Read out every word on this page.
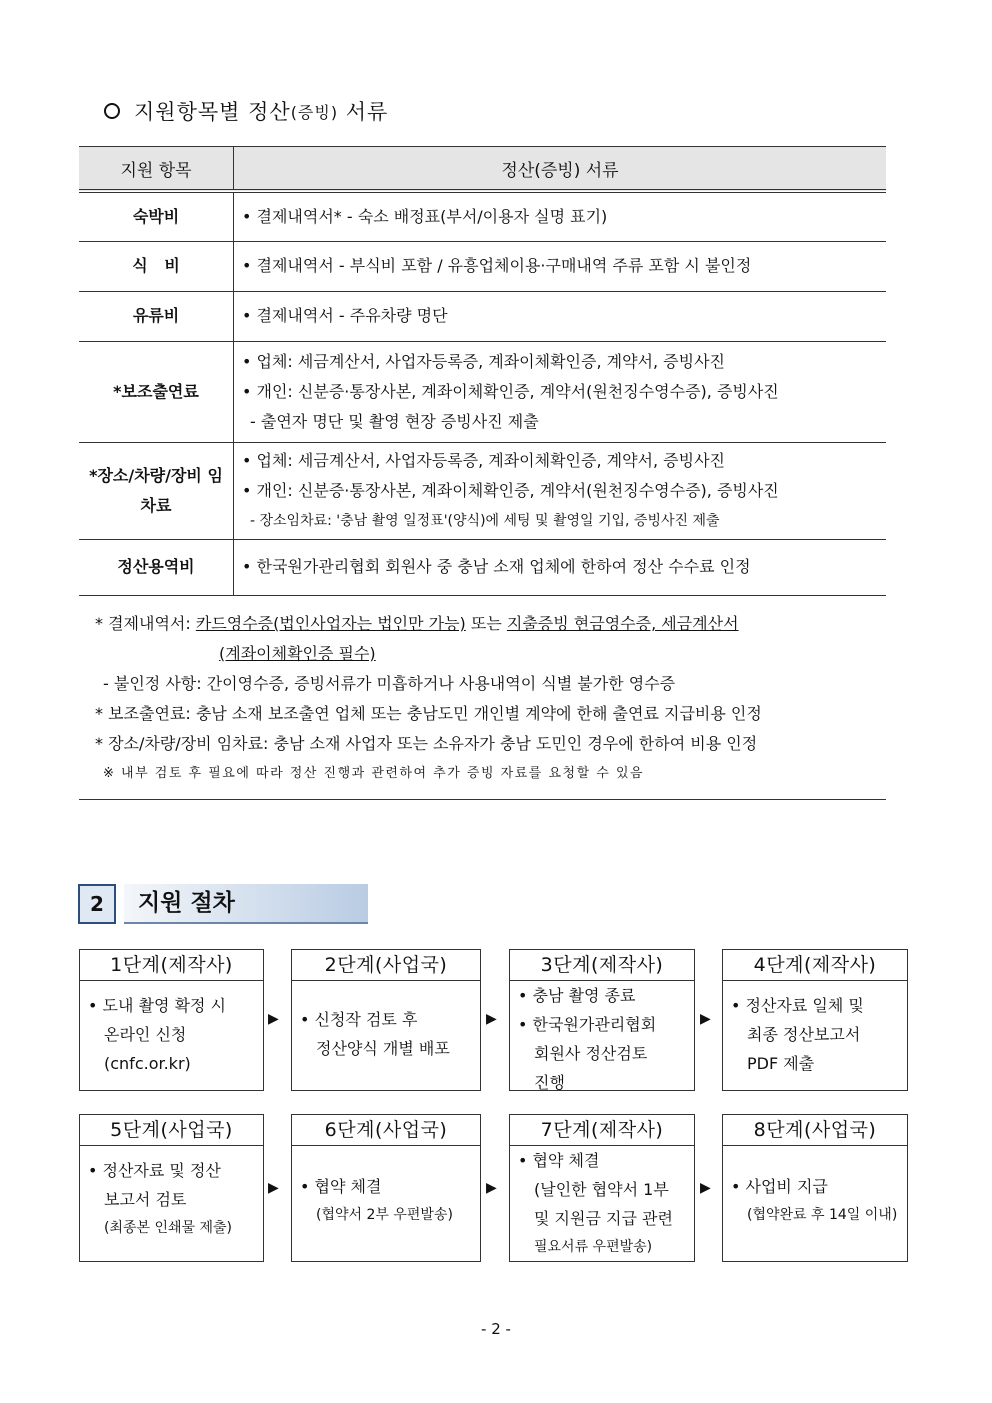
지원항목별 정산 (증빙) 서류
지원 항목	정산(증빙) 서류
숙박비	• 결제내역서* - 숙소 배정표(부서/이용자 실명 표기)

식   비	• 결제내역서 - 부식비 포함 / 유흥업체이용·구매내역 주류 포함 시 불인정

유류비	• 결제내역서 - 주유차량 명단

*보조출연료	• 업체: 세금계산서, 사업자등록증, 계좌이체확인증, 계약서, 증빙사진
• 개인: 신분증·통장사본, 계좌이체확인증, 계약서(원천징수영수증), 증빙사진
- 출연자 명단 및 촬영 현장 증빙사진 제출

*장소/차량/장비 임차료	• 업체: 세금계산서, 사업자등록증, 계좌이체확인증, 계약서, 증빙사진
• 개인: 신분증·통장사본, 계좌이체확인증, 계약서(원천징수영수증), 증빙사진
- 장소임차료: '충남 촬영 일정표'(양식)에 세팅 및 촬영일 기입, 증빙사진 제출

정산용역비	• 한국원가관리협회 회원사 중 충남 소재 업체에 한하여 정산 수수료 인정
* 결제내역서: 카드영수증(법인사업자는 법인만 가능) 또는 지출증빙 현금영수증, 세금계산서
(계좌이체확인증 필수)
- 불인정 사항: 간이영수증, 증빙서류가 미흡하거나 사용내역이 식별 불가한 영수증
* 보조출연료: 충남 소재 보조출연 업체 또는 충남도민 개인별 계약에 한해 출연료 지급비용 인정
* 장소/차량/장비 임차료: 충남 소재 사업자 또는 소유자가 충남 도민인 경우에 한하여 비용 인정
※ 내부 검토 후 필요에 따라 정산 진행과 관련하여 추가 증빙 자료를 요청할 수 있음
2	지원 절차
1단계(제작사)
• 도내 촬영 확정 시
온라인 신청
(cnfc.or.kr)
▶
2단계(사업국)
• 신청작 검토 후
정산양식 개별 배포
▶
3단계(제작사)
• 충남 촬영 종료
• 한국원가관리협회
회원사 정산검토
진행
▶
4단계(제작사)
• 정산자료 일체 및
최종 정산보고서
PDF 제출
5단계(사업국)
• 정산자료 및 정산
보고서 검토
(최종본 인쇄물 제출)
▶
6단계(사업국)
• 협약 체결
(협약서 2부 우편발송)
▶
7단계(제작사)
• 협약 체결
(날인한 협약서 1부
및 지원금 지급 관련
필요서류 우편발송)
▶
8단계(사업국)
• 사업비 지급
(협약완료 후 14일 이내)
- 2 -
